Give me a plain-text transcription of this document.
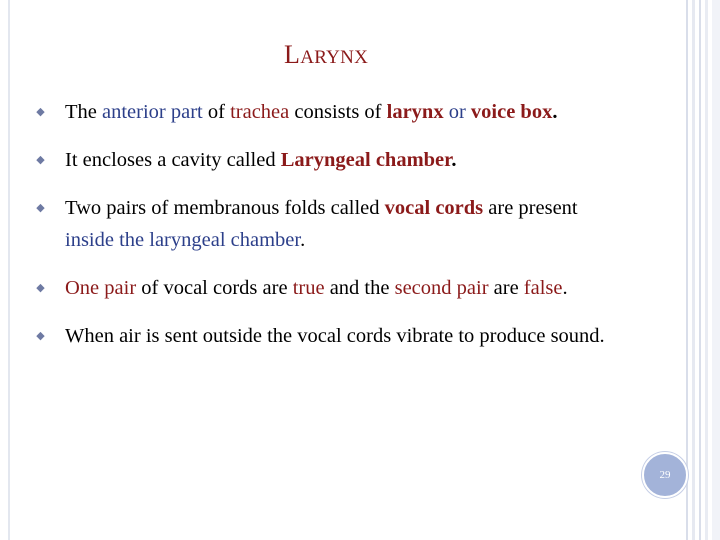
LARYNX
◆ The anterior part of trachea consists of larynx or voice box.
◆ It encloses a cavity called Laryngeal chamber.
◆ Two pairs of membranous folds called vocal cords are present inside the laryngeal chamber.
◆ One pair of vocal cords are true and the second pair are false.
◆ When air is sent outside the vocal cords vibrate to produce sound.
29
